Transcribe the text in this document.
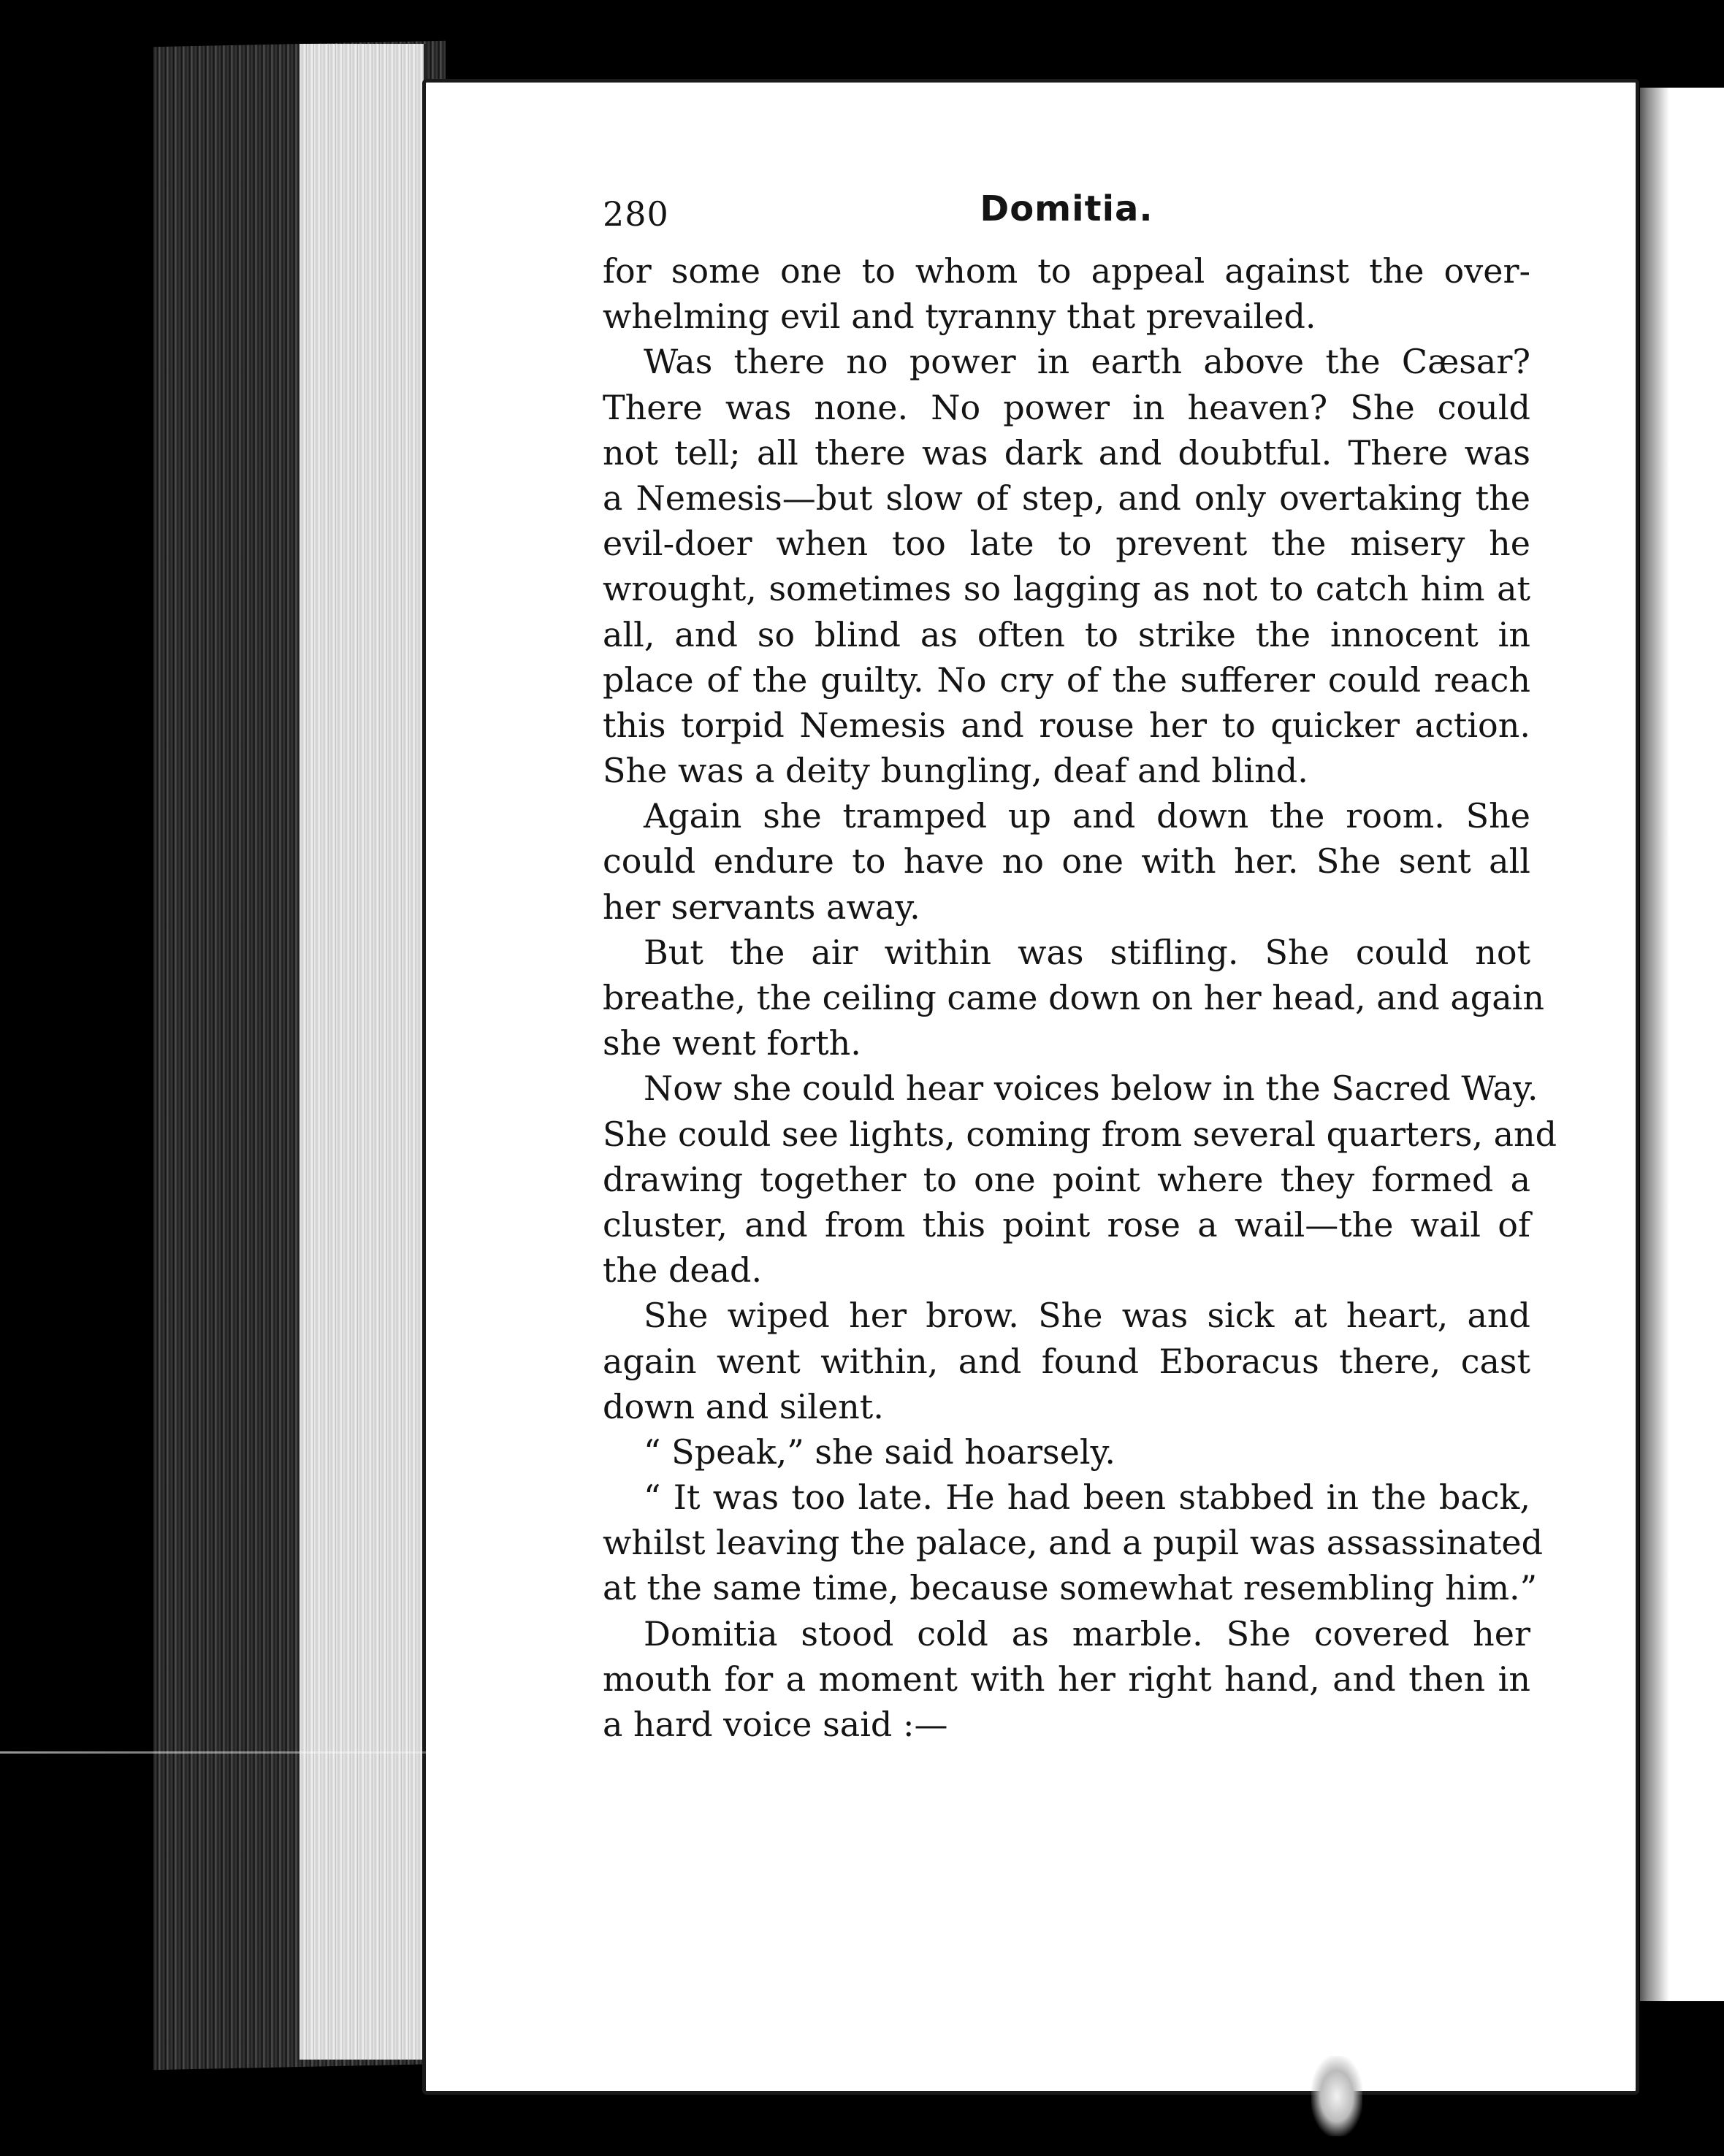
280	Domitia.
for some one to whom to appeal against the over-
whelming evil and tyranny that prevailed.
Was there no power in earth above the Cæsar?
There was none. No power in heaven? She could
not tell; all there was dark and doubtful. There was
a Nemesis—but slow of step, and only overtaking the
evil-doer when too late to prevent the misery he
wrought, sometimes so lagging as not to catch him at
all, and so blind as often to strike the innocent in
place of the guilty. No cry of the sufferer could reach
this torpid Nemesis and rouse her to quicker action.
She was a deity bungling, deaf and blind.
Again she tramped up and down the room. She
could endure to have no one with her. She sent all
her servants away.
But the air within was stifling. She could not
breathe, the ceiling came down on her head, and again
she went forth.
Now she could hear voices below in the Sacred Way.
She could see lights, coming from several quarters, and
drawing together to one point where they formed a
cluster, and from this point rose a wail—the wail of
the dead.
She wiped her brow. She was sick at heart, and
again went within, and found Eboracus there, cast
down and silent.
“ Speak,” she said hoarsely.
“ It was too late. He had been stabbed in the back,
whilst leaving the palace, and a pupil was assassinated
at the same time, because somewhat resembling him.”
Domitia stood cold as marble. She covered her
mouth for a moment with her right hand, and then in
a hard voice said :—
